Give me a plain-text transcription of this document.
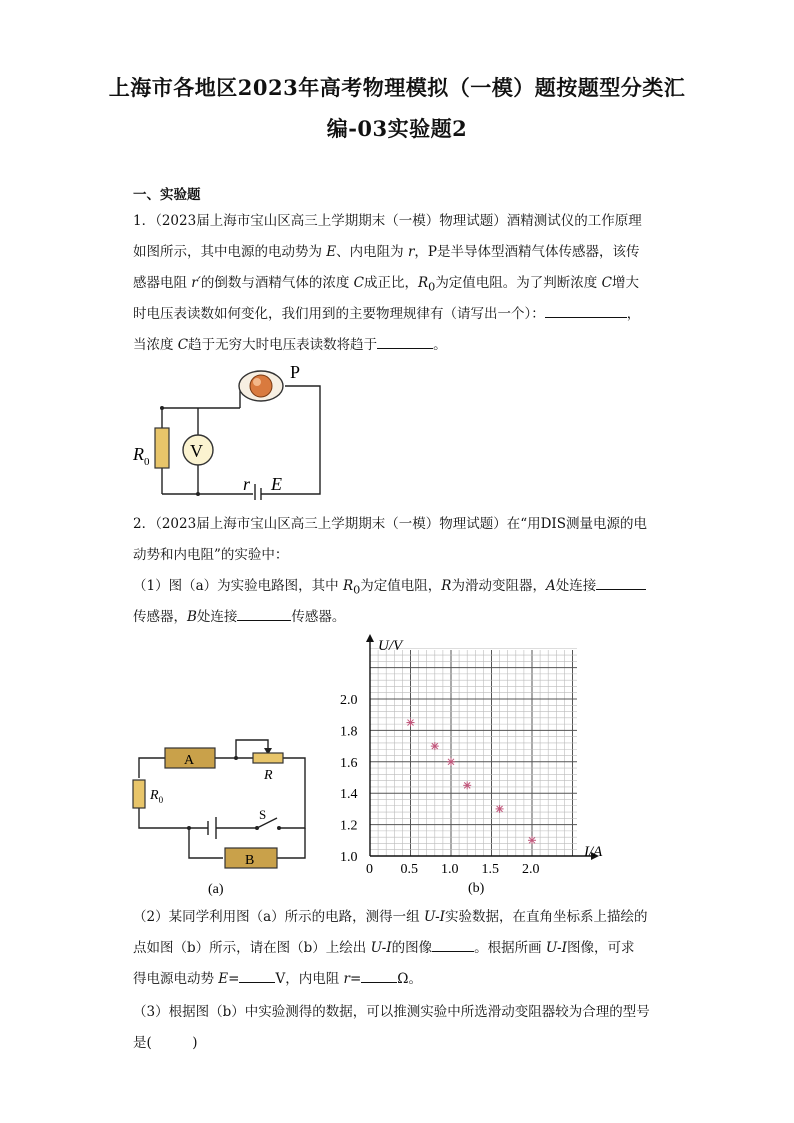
上海市各地区2023年高考物理模拟（一模）题按题型分类汇
编-03实验题2
一、实验题
1．（2023届上海市宝山区高三上学期期末（一模）物理试题）酒精测试仪的工作原理
如图所示，其中电源的电动势为 E、内电阻为 r，P是半导体型酒精气体传感器，该传
感器电阻 r′的倒数与酒精气体的浓度 C成正比，$R_0$为定值电阻。为了判断浓度 C增大
时电压表读数如何变化，我们用到的主要物理规律有（请写出一个）：	，
当浓度 C趋于无穷大时电压表读数将趋于	。
P
V
$R_0$
r E
2．（2023届上海市宝山区高三上学期期末（一模）物理试题）在“用DIS测量电源的电
动势和内电阻”的实验中：
（1）图（a）为实验电路图，其中 $R_0$为定值电阻，R为滑动变阻器，A处连接
传感器，B处连接	传感器。
A
B
R
$R_0$
S
(a)
0 0.5 1.0 1.5 2.0
1.0
1.2
1.4
1.6
1.8
2.0
U/V
I/A
(b)
（2）某同学利用图（a）所示的电路，测得一组 U-I实验数据，在直角坐标系上描绘的
点如图（b）所示，请在图（b）上绘出 U-I的图像	。根据所画 U-I图像，可求
得电源电动势 E=	V，内电阻 r=	Ω。
（3）根据图（b）中实验测得的数据，可以推测实验中所选滑动变阻器较为合理的型号
是(　　　)
